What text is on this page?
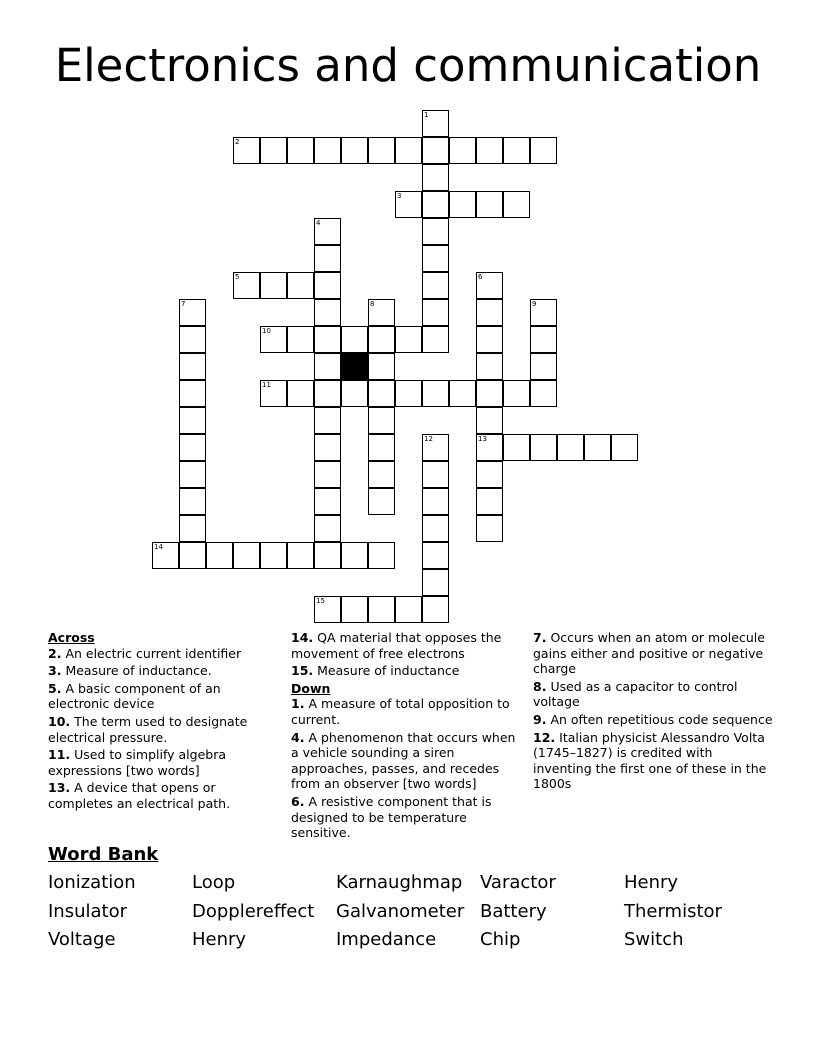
Electronics and communication
1
2
3
4
5	6
7	8	9
10
11
12	13
14
15
Across
2. An electric current identifier
3. Measure of inductance.
5. A basic component of an electronic device
10. The term used to designate electrical pressure.
11. Used to simplify algebra expressions [two words]
13. A device that opens or completes an electrical path.
14. QA material that opposes the movement of free electrons
15. Measure of inductance
Down
1. A measure of total opposition to current.
4. A phenomenon that occurs when a vehicle sounding a siren approaches, passes, and recedes from an observer [two words]
6. A resistive component that is designed to be temperature sensitive.
7. Occurs when an atom or molecule gains either and positive or negative charge
8. Used as a capacitor to control voltage
9. An often repetitious code sequence
12. Italian physicist Alessandro Volta (1745–1827) is credited with inventing the first one of these in the 1800s
Word Bank
Ionization	Loop	Karnaughmap Varactor	Henry
Insulator	Dopplereffect	Galvanometer Battery	Thermistor
Voltage	Henry	Impedance	Chip	Switch
